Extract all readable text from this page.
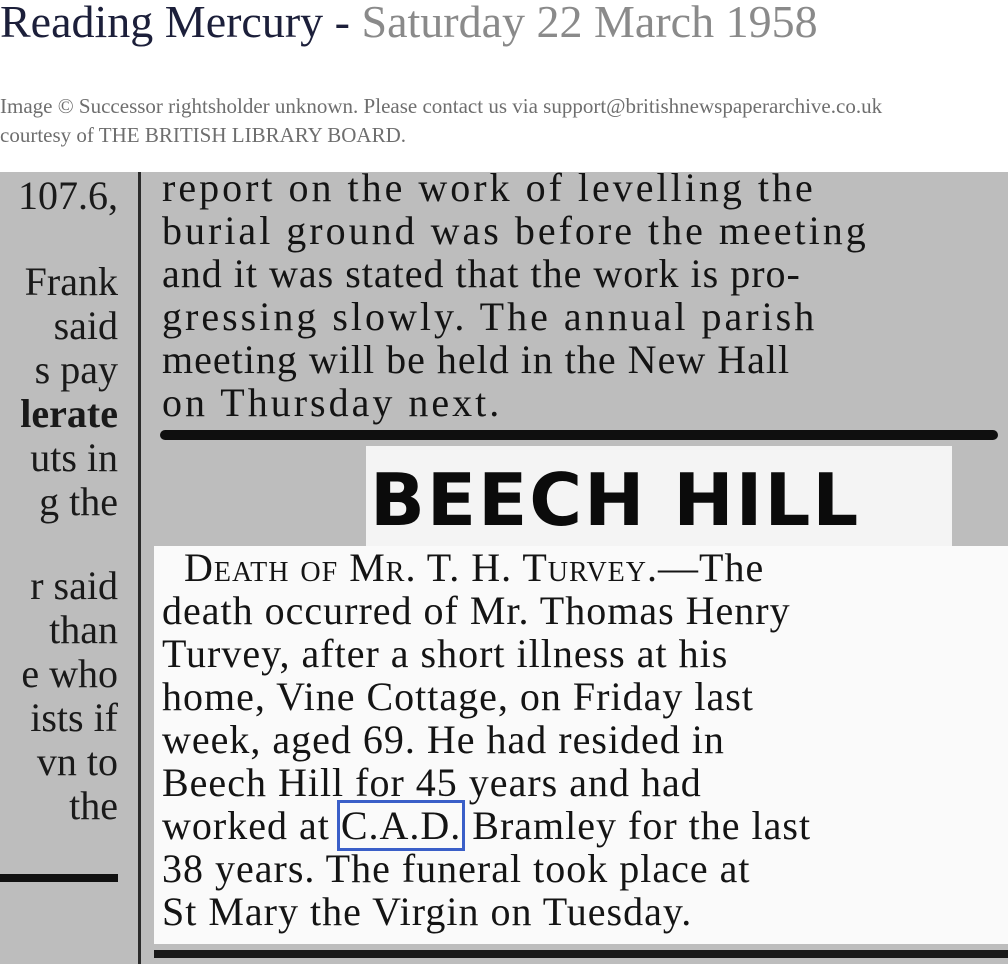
Reading Mercury - Saturday 22 March 1958
Image © Successor rightsholder unknown. Please contact us via support@britishnewspaperarchive.co.uk
courtesy of THE BRITISH LIBRARY BOARD.
107.6,
Frank
said
s pay
lerate
uts in
g the
r said
than
e who
ists if
vn to
the
report on the work of levelling the
burial ground was before the meeting
and it was stated that the work is pro-
gressing slowly. The annual parish
meeting will be held in the New Hall
on Thursday next.
BEECH HILL
Death of Mr. T. H. Turvey.—The
death occurred of Mr. Thomas Henry
Turvey, after a short illness at his
home, Vine Cottage, on Friday last
week, aged 69. He had resided in
Beech Hill for 45 years and had
worked at C.A.D. Bramley for the last
38 years. The funeral took place at
St Mary the Virgin on Tuesday.
